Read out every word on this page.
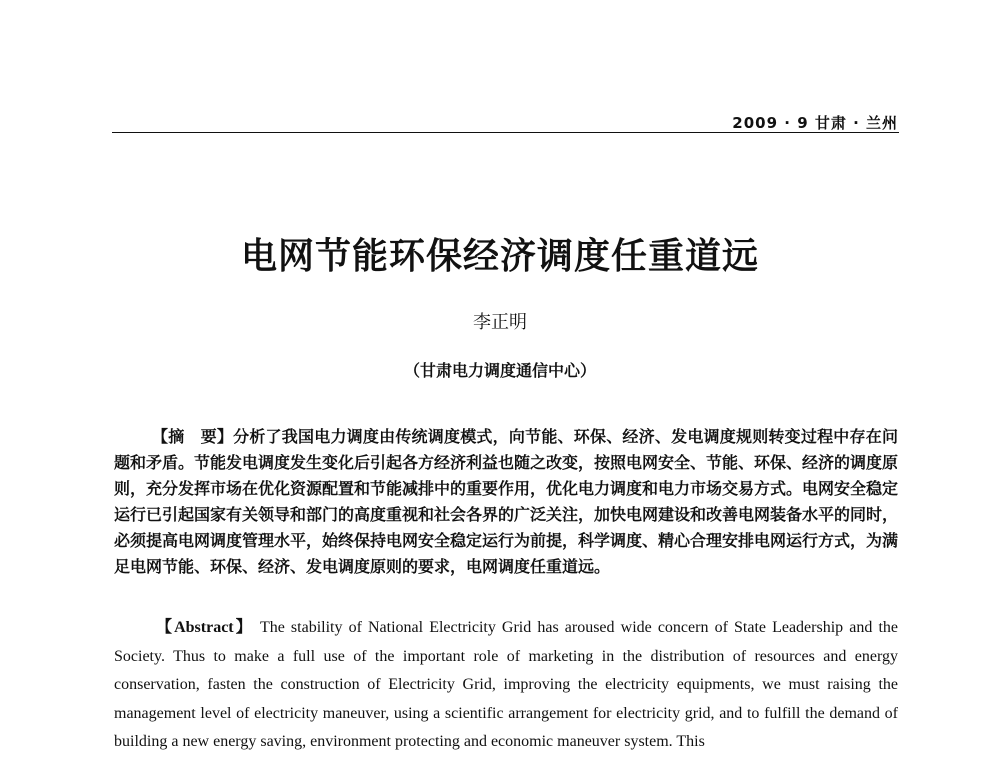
2009 · 9 甘肃 · 兰州
电网节能环保经济调度任重道远
李正明
（甘肃电力调度通信中心）

【摘　要】分析了我国电力调度由传统调度模式，向节能、环保、经济、发电调度规则转变过程中存在问题和矛盾。节能发电调度发生变化后引起各方经济利益也随之改变，按照电网安全、节能、环保、经济的调度原则，充分发挥市场在优化资源配置和节能减排中的重要作用，优化电力调度和电力市场交易方式。电网安全稳定运行已引起国家有关领导和部门的高度重视和社会各界的广泛关注，加快电网建设和改善电网装备水平的同时，必须提高电网调度管理水平，始终保持电网安全稳定运行为前提，科学调度、精心合理安排电网运行方式，为满足电网节能、环保、经济、发电调度原则的要求，电网调度任重道远。

【Abstract】 The stability of National Electricity Grid has aroused wide concern of State Leadership and the Society. Thus to make a full use of the important role of marketing in the distribution of resources and energy conservation, fasten the construction of Electricity Grid, improving the electricity equipments, we must raising the management level of electricity maneuver, using a scientific arrangement for electricity grid, and to fulfill the demand of building a new energy saving, environment protecting and economic maneuver system. This
